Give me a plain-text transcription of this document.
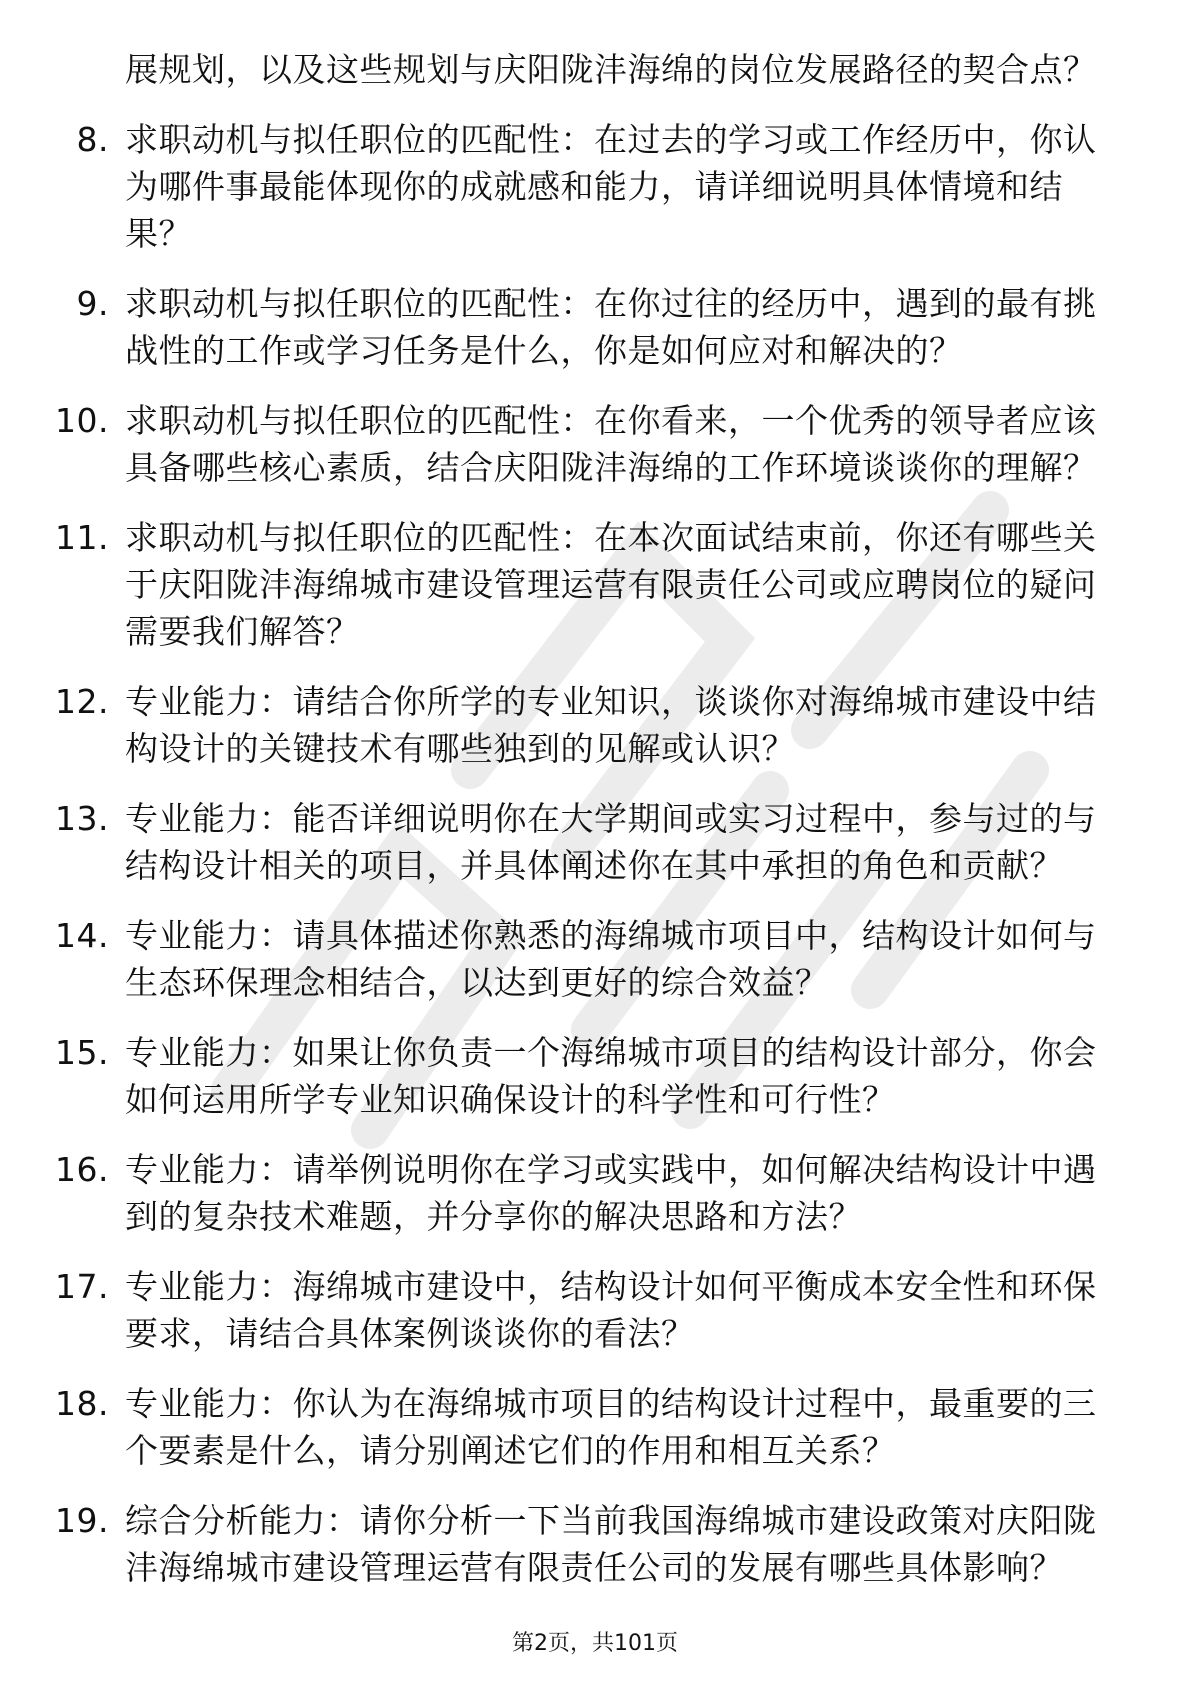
展规划，以及这些规划与庆阳陇沣海绵的岗位发展路径的契合点？
8. 求职动机与拟任职位的匹配性：在过去的学习或工作经历中，你认为哪件事最能体现你的成就感和能力，请详细说明具体情境和结果？
9. 求职动机与拟任职位的匹配性：在你过往的经历中，遇到的最有挑战性的工作或学习任务是什么，你是如何应对和解决的？
10. 求职动机与拟任职位的匹配性：在你看来，一个优秀的领导者应该具备哪些核心素质，结合庆阳陇沣海绵的工作环境谈谈你的理解？
11. 求职动机与拟任职位的匹配性：在本次面试结束前，你还有哪些关于庆阳陇沣海绵城市建设管理运营有限责任公司或应聘岗位的疑问需要我们解答？
12. 专业能力：请结合你所学的专业知识，谈谈你对海绵城市建设中结构设计的关键技术有哪些独到的见解或认识？
13. 专业能力：能否详细说明你在大学期间或实习过程中，参与过的与结构设计相关的项目，并具体阐述你在其中承担的角色和贡献？
14. 专业能力：请具体描述你熟悉的海绵城市项目中，结构设计如何与生态环保理念相结合，以达到更好的综合效益？
15. 专业能力：如果让你负责一个海绵城市项目的结构设计部分，你会如何运用所学专业知识确保设计的科学性和可行性？
16. 专业能力：请举例说明你在学习或实践中，如何解决结构设计中遇到的复杂技术难题，并分享你的解决思路和方法？
17. 专业能力：海绵城市建设中，结构设计如何平衡成本安全性和环保要求，请结合具体案例谈谈你的看法？
18. 专业能力：你认为在海绵城市项目的结构设计过程中，最重要的三个要素是什么，请分别阐述它们的作用和相互关系？
19. 综合分析能力：请你分析一下当前我国海绵城市建设政策对庆阳陇沣海绵城市建设管理运营有限责任公司的发展有哪些具体影响？
第2页，共101页
